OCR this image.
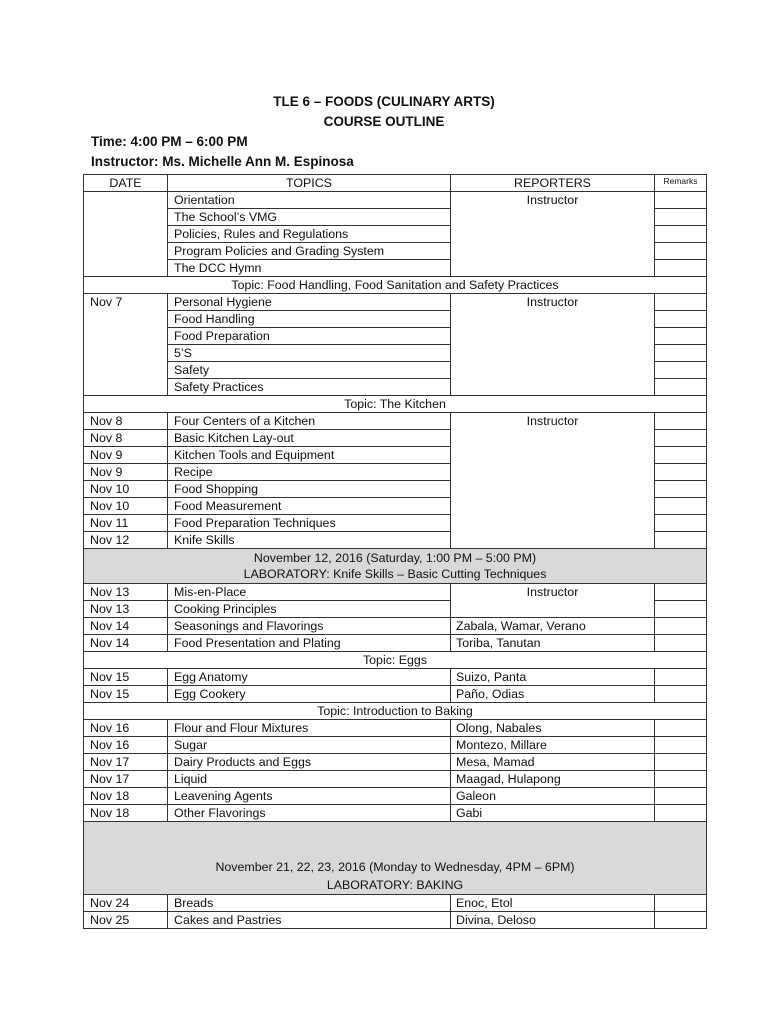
TLE 6 – FOODS (CULINARY ARTS)
COURSE OUTLINE
Time: 4:00 PM – 6:00 PM
Instructor: Ms. Michelle Ann M. Espinosa
DATE	TOPICS	REPORTERS	Remarks
	Orientation	Instructor	
	The School’s VMG		
	Policies, Rules and Regulations		
	Program Policies and Grading System		
	The DCC Hymn		
Topic: Food Handling, Food Sanitation and Safety Practices			
Nov 7	Personal Hygiene	Instructor	
	Food Handling		
	Food Preparation		
	5’S		
	Safety		
	Safety Practices		
Topic: The Kitchen			
Nov 8	Four Centers of a Kitchen	Instructor	
Nov 8	Basic Kitchen Lay-out		
Nov 9	Kitchen Tools and Equipment		
Nov 9	Recipe		
Nov 10	Food Shopping		
Nov 10	Food Measurement		
Nov 11	Food Preparation Techniques		
Nov 12	Knife Skills		

November 12, 2016 (Saturday, 1:00 PM – 5:00 PM)
LABORATORY: Knife Skills – Basic Cutting Techniques			

Nov 13	Mis-en-Place	Instructor	
Nov 13	Cooking Principles		
Nov 14	Seasonings and Flavorings	Zabala, Wamar, Verano	
Nov 14	Food Presentation and Plating	Toriba, Tanutan	
Topic: Eggs			
Nov 15	Egg Anatomy	Suizo, Panta	
Nov 15	Egg Cookery	Paño, Odias	
Topic: Introduction to Baking			
Nov 16	Flour and Flour Mixtures	Olong, Nabales	
Nov 16	Sugar	Montezo, Millare	
Nov 17	Dairy Products and Eggs	Mesa, Mamad	
Nov 17	Liquid	Maagad, Hulapong	
Nov 18	Leavening Agents	Galeon	
Nov 18	Other Flavorings	Gabi	

November 21, 22, 23, 2016 (Monday to Wednesday, 4PM – 6PM)
LABORATORY: BAKING			

Nov 24	Breads	Enoc, Etol	
Nov 25	Cakes and Pastries	Divina, Deloso	
